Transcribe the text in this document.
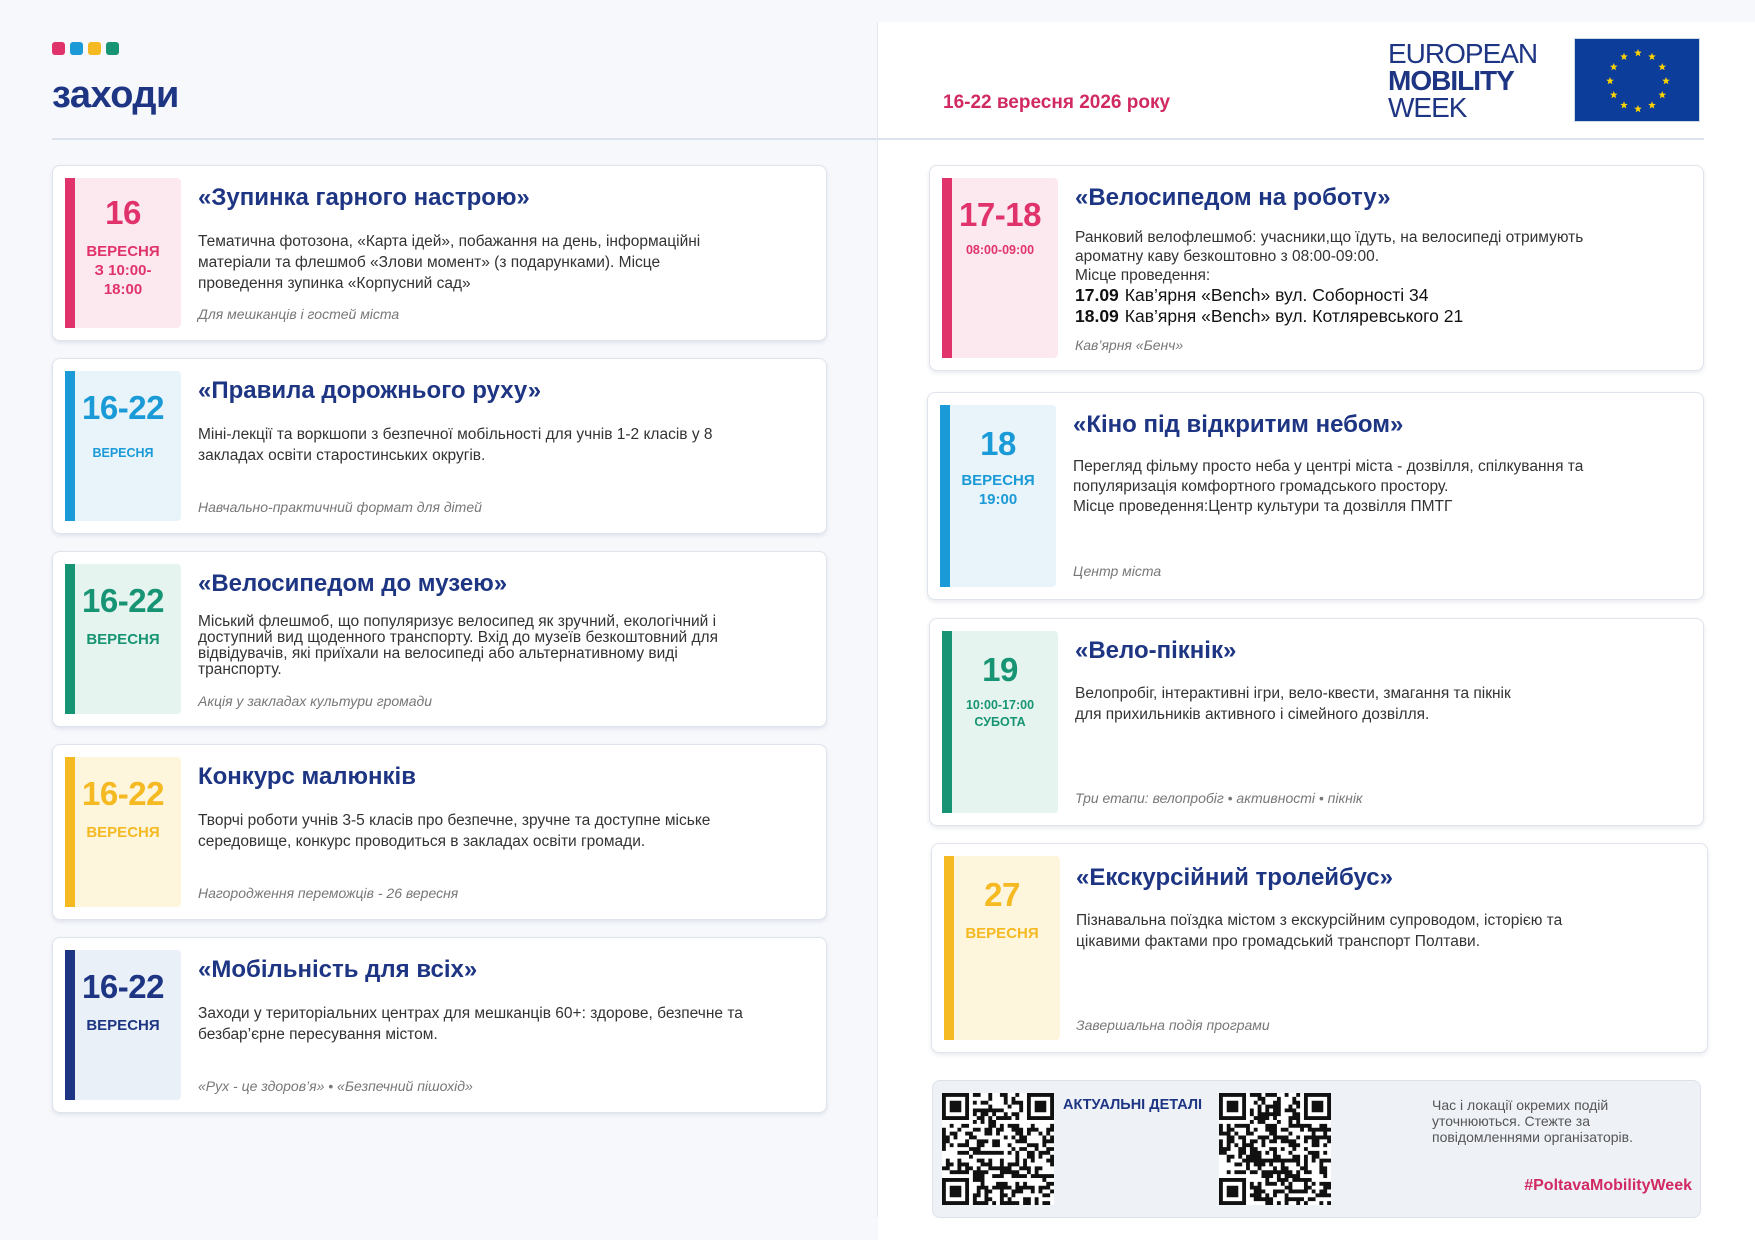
заходи	16-22 вересня 2026 року
EUROPEAN
MOBILITY
WEEK
16
ВЕРЕСНЯ
З 10:00-
18:00
«Зупинка гарного настрою»
Тематична фотозона, «Карта ідей», побажання на день, інформаційні
матеріали та флешмоб «Злови момент» (з подарунками). Місце
проведення зупинка «Корпусний сад»
Для мешканців і гостей міста
16-22
ВЕРЕСНЯ
«Правила дорожнього руху»
Міні-лекції та воркшопи з безпечної мобільності для учнів 1-2 класів у 8
закладах освіти старостинських округів.
Навчально-практичний формат для дітей
16-22
ВЕРЕСНЯ
«Велосипедом до музею»
Міський флешмоб, що популяризує велосипед як зручний, екологічний і
доступний вид щоденного транспорту. Вхід до музеїв безкоштовний для
відвідувачів, які приїхали на велосипеді або альтернативному виді
транспорту.
Акція у закладах культури громади
16-22
ВЕРЕСНЯ
Конкурс малюнків
Творчі роботи учнів 3-5 класів про безпечне, зручне та доступне міське
середовище, конкурс проводиться в закладах освіти громади.
Нагородження переможців - 26 вересня
16-22
ВЕРЕСНЯ
«Мобільність для всіх»
Заходи у територіальних центрах для мешканців 60+: здорове, безпечне та
безбар’єрне пересування містом.
«Рух - це здоров’я» • «Безпечний пішохід»
17-18
08:00-09:00
«Велосипедом на роботу»
Ранковий велофлешмоб: учасники,що їдуть, на велосипеді отримують
ароматну каву безкоштовно з 08:00-09:00.
Місце проведення:
17.09 Кав’ярня «Bench» вул. Соборності 34
18.09 Кав’ярня «Bench» вул. Котляревського 21
Кав’ярня «Бенч»
18
ВЕРЕСНЯ
19:00
«Кіно під відкритим небом»
Перегляд фільму просто неба у центрі міста - дозвілля, спілкування та
популяризація комфортного громадського простору.
Місце проведення:Центр культури та дозвілля ПМТГ
Центр міста
19
10:00-17:00
СУБОТА
«Вело-пікнік»
Велопробіг, інтерактивні ігри, вело-квести, змагання та пікнік
для прихильників активного і сімейного дозвілля.
Три етапи: велопробіг • активності • пікнік
27
ВЕРЕСНЯ
«Екскурсійний тролейбус»
Пізнавальна поїздка містом з екскурсійним супроводом, історією та
цікавими фактами про громадський транспорт Полтави.
Завершальна подія програми
АКТУАЛЬНІ ДЕТАЛІ	Час і локації окремих подій
уточнюються. Стежте за
повідомленнями організаторів.
#PoltavaMobilityWeek
